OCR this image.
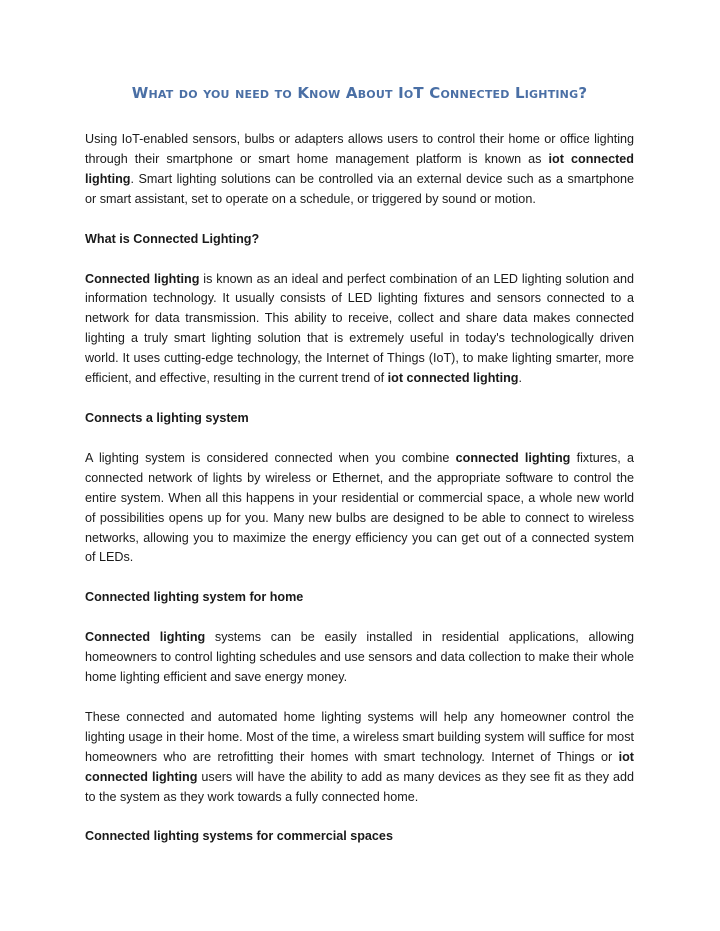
What do you need to Know About IoT Connected Lighting?

Using IoT-enabled sensors, bulbs or adapters allows users to control their home or office lighting through their smartphone or smart home management platform is known as iot connected lighting. Smart lighting solutions can be controlled via an external device such as a smartphone or smart assistant, set to operate on a schedule, or triggered by sound or motion.

What is Connected Lighting?

Connected lighting is known as an ideal and perfect combination of an LED lighting solution and information technology. It usually consists of LED lighting fixtures and sensors connected to a network for data transmission. This ability to receive, collect and share data makes connected lighting a truly smart lighting solution that is extremely useful in today's technologically driven world. It uses cutting-edge technology, the Internet of Things (IoT), to make lighting smarter, more efficient, and effective, resulting in the current trend of iot connected lighting.

Connects a lighting system

A lighting system is considered connected when you combine connected lighting fixtures, a connected network of lights by wireless or Ethernet, and the appropriate software to control the entire system. When all this happens in your residential or commercial space, a whole new world of possibilities opens up for you. Many new bulbs are designed to be able to connect to wireless networks, allowing you to maximize the energy efficiency you can get out of a connected system of LEDs.

Connected lighting system for home

Connected lighting systems can be easily installed in residential applications, allowing homeowners to control lighting schedules and use sensors and data collection to make their whole home lighting efficient and save energy money.

These connected and automated home lighting systems will help any homeowner control the lighting usage in their home. Most of the time, a wireless smart building system will suffice for most homeowners who are retrofitting their homes with smart technology. Internet of Things or iot connected lighting users will have the ability to add as many devices as they see fit as they add to the system as they work towards a fully connected home.

Connected lighting systems for commercial spaces
